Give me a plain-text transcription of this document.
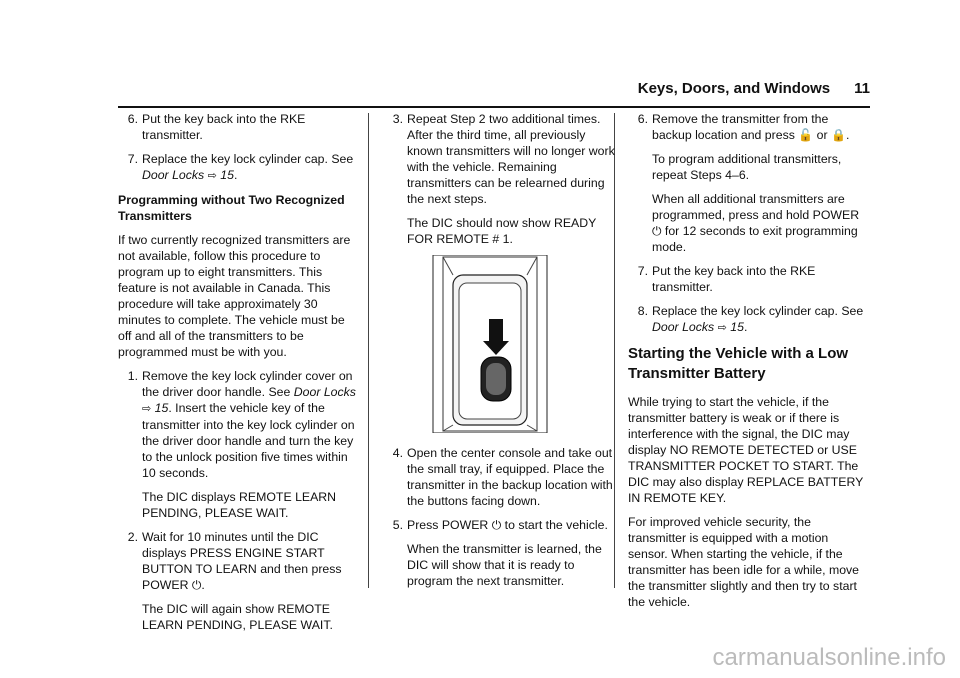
Keys, Doors, and Windows 11
6. Put the key back into the RKE transmitter.
7. Replace the key lock cylinder cap. See Door Locks ⇨ 15.

Programming without Two Recognized Transmitters

If two currently recognized transmitters are not available, follow this procedure to program up to eight transmitters. This feature is not available in Canada. This procedure will take approximately 30 minutes to complete. The vehicle must be off and all of the transmitters to be programmed must be with you.

1. Remove the key lock cylinder cover on the driver door handle. See Door Locks ⇨ 15. Insert the vehicle key of the transmitter into the key lock cylinder on the driver door handle and turn the key to the unlock position five times within 10 seconds.

The DIC displays REMOTE LEARN PENDING, PLEASE WAIT.

2. Wait for 10 minutes until the DIC displays PRESS ENGINE START BUTTON TO LEARN and then press POWER ⏻.

The DIC will again show REMOTE LEARN PENDING, PLEASE WAIT.

3. Repeat Step 2 two additional times. After the third time, all previously known transmitters will no longer work with the vehicle. Remaining transmitters can be relearned during the next steps.

The DIC should now show READY FOR REMOTE # 1.

4. Open the center console and take out the small tray, if equipped. Place the transmitter in the backup location with the buttons facing down.
5. Press POWER ⏻ to start the vehicle.

When the transmitter is learned, the DIC will show that it is ready to program the next transmitter.

6. Remove the transmitter from the backup location and press 🔓 or 🔒.

To program additional transmitters, repeat Steps 4–6.

When all additional transmitters are programmed, press and hold POWER ⏻ for 12 seconds to exit programming mode.

7. Put the key back into the RKE transmitter.
8. Replace the key lock cylinder cap. See Door Locks ⇨ 15.
Starting the Vehicle with a Low Transmitter Battery

While trying to start the vehicle, if the transmitter battery is weak or if there is interference with the signal, the DIC may display NO REMOTE DETECTED or USE TRANSMITTER POCKET TO START. The DIC may also display REPLACE BATTERY IN REMOTE KEY.

For improved vehicle security, the transmitter is equipped with a motion sensor. When starting the vehicle, if the transmitter has been idle for a while, move the transmitter slightly and then try to start the vehicle.

carmanualsonline.info
